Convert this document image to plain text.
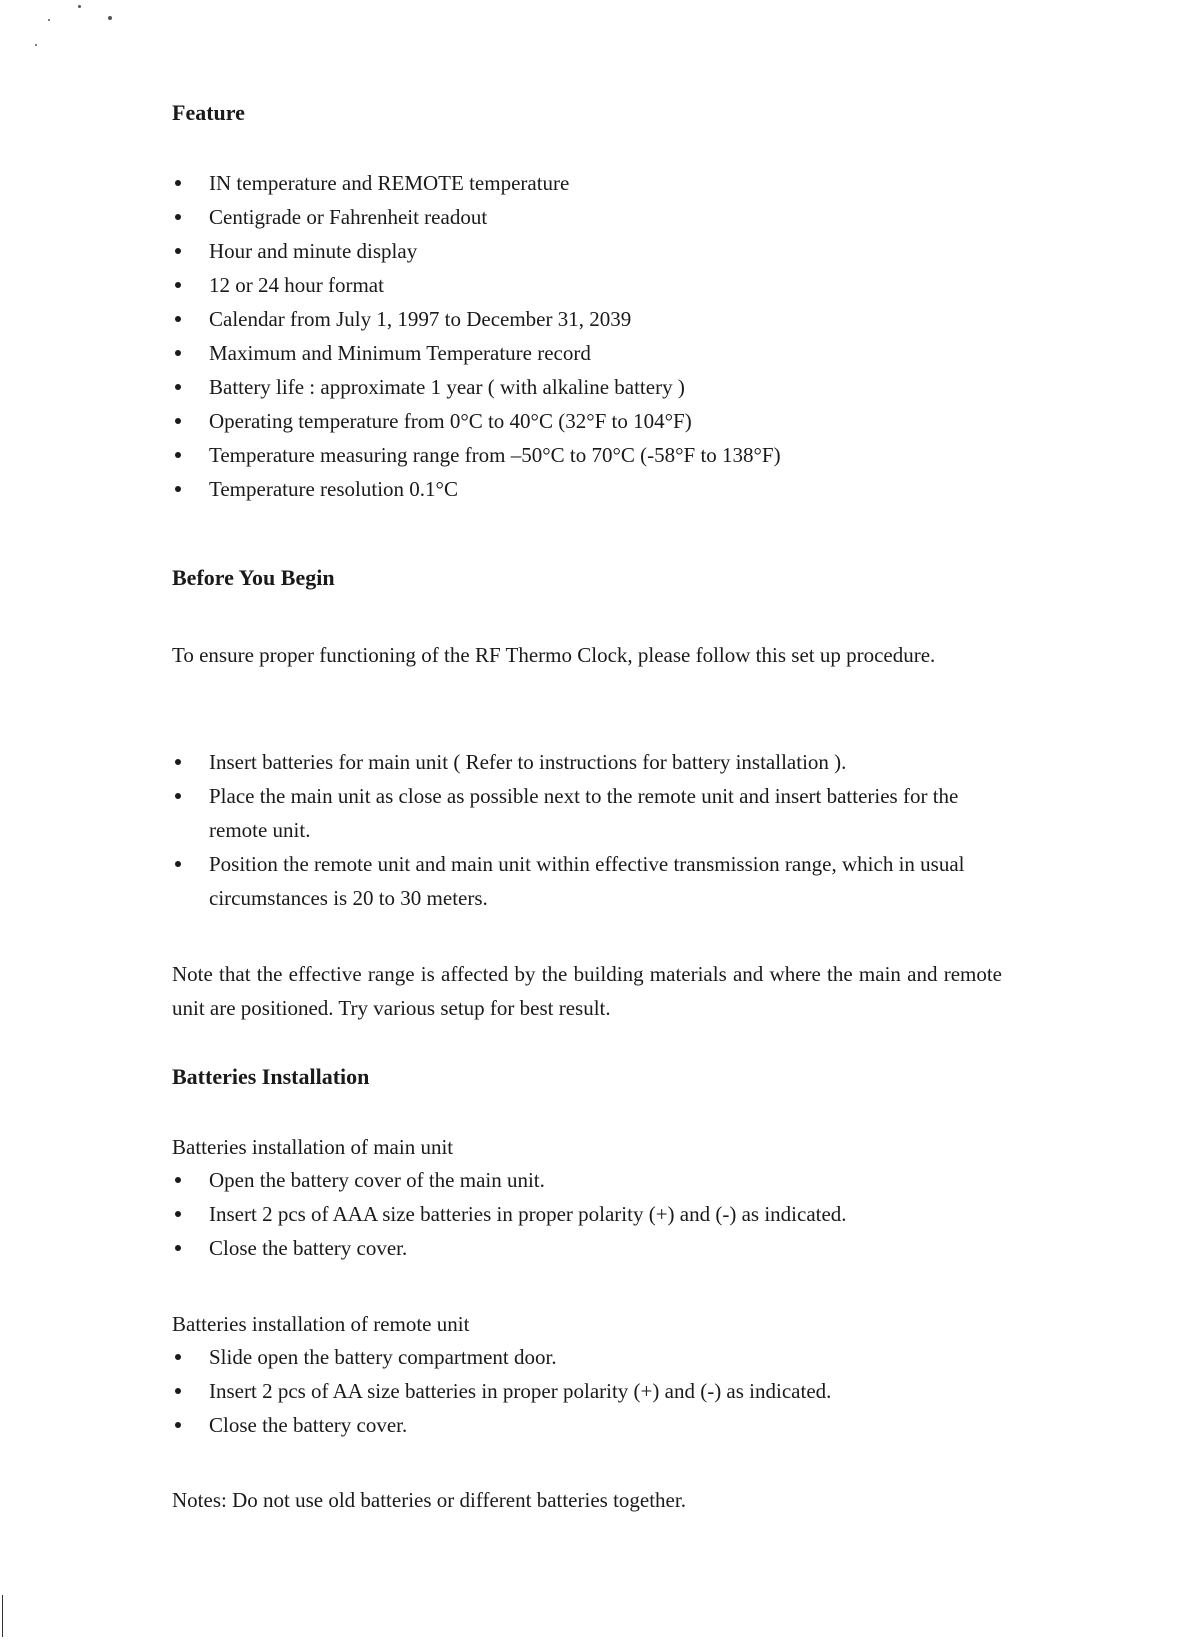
Feature
IN temperature and REMOTE temperature
Centigrade or Fahrenheit readout
Hour and minute display
12 or 24 hour format
Calendar from July 1, 1997 to December 31, 2039
Maximum and Minimum Temperature record
Battery life : approximate 1 year ( with alkaline battery )
Operating temperature from 0°C to 40°C (32°F to 104°F)
Temperature measuring range from –50°C to 70°C (-58°F to 138°F)
Temperature resolution 0.1°C
Before You Begin

To ensure proper functioning of the RF Thermo Clock, please follow this set up procedure.

Insert batteries for main unit ( Refer to instructions for battery installation ).
Place the main unit as close as possible next to the remote unit and insert batteries for the remote unit.
Position the remote unit and main unit within effective transmission range, which in usual circumstances is 20 to 30 meters.

Note that the effective range is affected by the building materials and where the main and remote unit are positioned. Try various setup for best result.

Batteries Installation

Batteries installation of main unit

Open the battery cover of the main unit.
Insert 2 pcs of AAA size batteries in proper polarity (+) and (-) as indicated.
Close the battery cover.

Batteries installation of remote unit

Slide open the battery compartment door.
Insert 2 pcs of AA size batteries in proper polarity (+) and (-) as indicated.
Close the battery cover.

Notes: Do not use old batteries or different batteries together.
